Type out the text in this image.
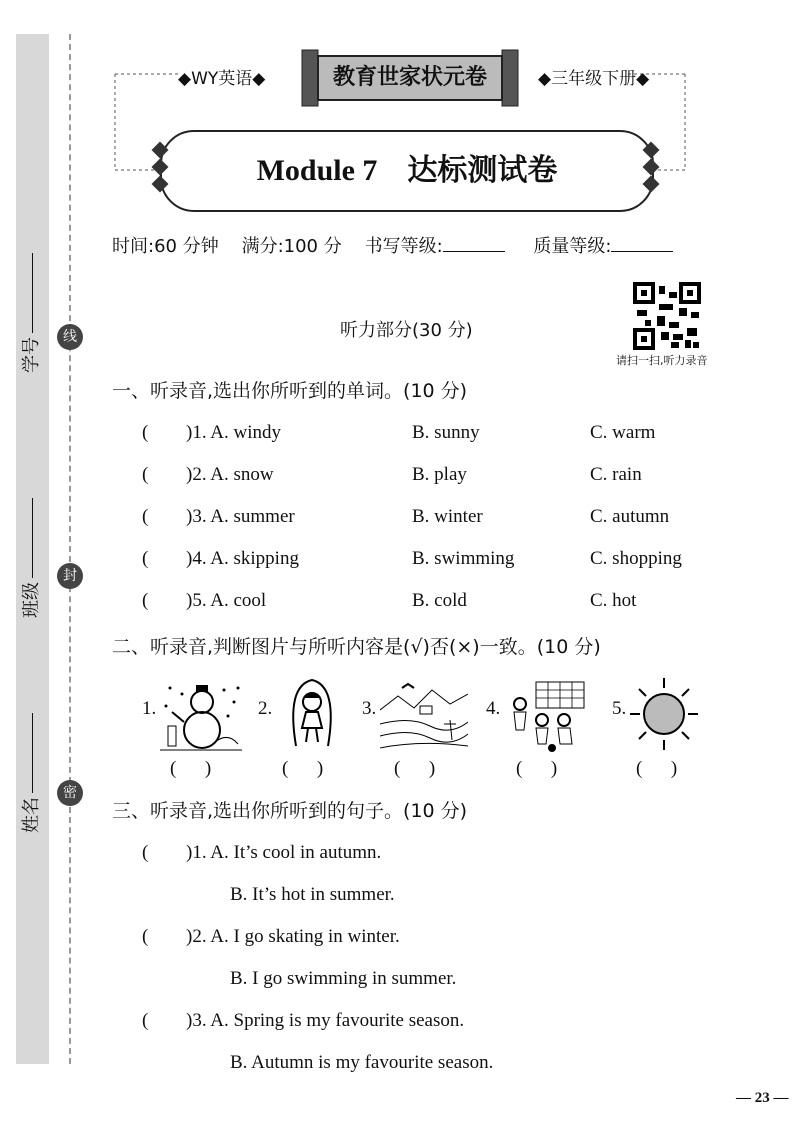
学号
班级
姓名
线
封
密
◆WY英语◆	◆三年级下册◆
教育世家状元卷
Module 7　达标测试卷
时间:60 分钟 满分:100 分 书写等级:	质量等级:
听力部分(30 分)
请扫一扫,听力录音
一、听录音,选出你所听到的单词。(10 分)
( )1. A. windy	B. sunny	C. warm
( )2. A. snow	B. play	C. rain
( )3. A. summer	B. winter	C. autumn
( )4. A. skipping	B. swimming	C. shopping
( )5. A. cool	B. cold	C. hot
二、听录音,判断图片与所听内容是(√)否(×)一致。(10 分)
1.	2.	3.	4.	5.
(      )	(      )	(      )	(      )	(      )
三、听录音,选出你所听到的句子。(10 分)
( )1. A. It’s cool in autumn.
B. It’s hot in summer.
( )2. A. I go skating in winter.
B. I go swimming in summer.
( )3. A. Spring is my favourite season.
B. Autumn is my favourite season.
— 23 —
